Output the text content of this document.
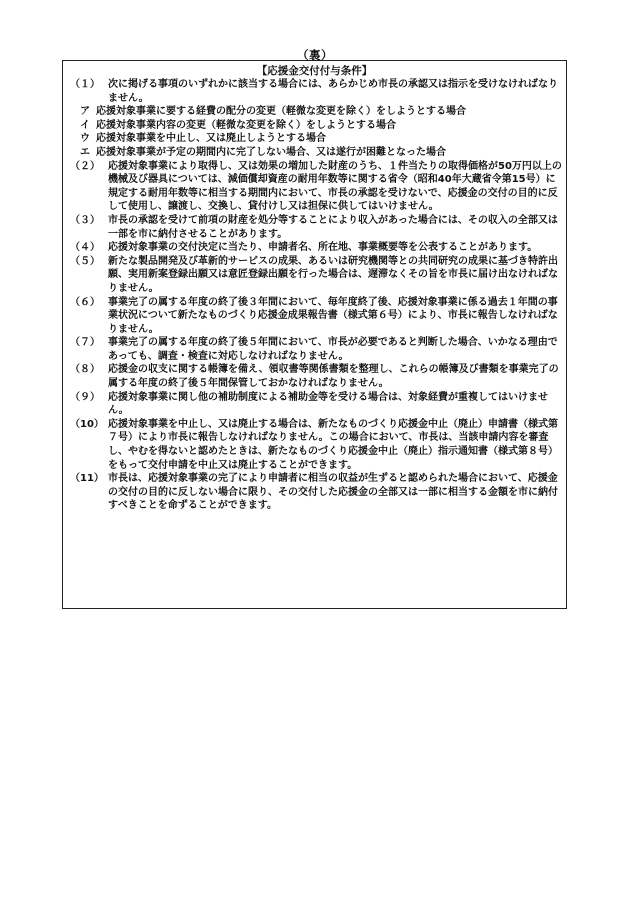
（裏）
【応援金交付付与条件】
（１） 次に掲げる事項のいずれかに該当する場合には、あらかじめ市長の承認又は指示を受けなければなりません。
ア 応援対象事業に要する経費の配分の変更（軽微な変更を除く）をしようとする場合
イ 応援対象事業内容の変更（軽微な変更を除く）をしようとする場合
ウ 応援対象事業を中止し、又は廃止しようとする場合
エ 応援対象事業が予定の期間内に完了しない場合、又は遂行が困難となった場合
（２） 応援対象事業により取得し、又は効果の増加した財産のうち、１件当たりの取得価格が50万円以上の機械及び器具については、減価償却資産の耐用年数等に関する省令（昭和40年大蔵省令第15号）に規定する耐用年数等に相当する期間内において、市長の承認を受けないで、応援金の交付の目的に反して使用し、譲渡し、交換し、貸付けし又は担保に供してはいけません。
（３） 市長の承認を受けて前項の財産を処分等することにより収入があった場合には、その収入の全部又は一部を市に納付させることがあります。
（４） 応援対象事業の交付決定に当たり、申請者名、所在地、事業概要等を公表することがあります。
（５） 新たな製品開発及び革新的サービスの成果、あるいは研究機関等との共同研究の成果に基づき特許出願、実用新案登録出願又は意匠登録出願を行った場合は、遅滞なくその旨を市長に届け出なければなりません。
（６） 事業完了の属する年度の終了後３年間において、毎年度終了後、応援対象事業に係る過去１年間の事業状況について新たなものづくり応援金成果報告書（様式第６号）により、市長に報告しなければなりません。
（７） 事業完了の属する年度の終了後５年間において、市長が必要であると判断した場合、いかなる理由であっても、調査・検査に対応しなければなりません。
（８） 応援金の収支に関する帳簿を備え、領収書等関係書類を整理し、これらの帳簿及び書類を事業完了の属する年度の終了後５年間保管しておかなければなりません。
（９） 応援対象事業に関し他の補助制度による補助金等を受ける場合は、対象経費が重複してはいけません。
（10） 応援対象事業を中止し、又は廃止する場合は、新たなものづくり応援金中止（廃止）申請書（様式第７号）により市長に報告しなければなりません。この場合において、市長は、当該申請内容を審査し、やむを得ないと認めたときは、新たなものづくり応援金中止（廃止）指示通知書（様式第８号）をもって交付申請を中止又は廃止することができます。
（11） 市長は、応援対象事業の完了により申請者に相当の収益が生ずると認められた場合において、応援金の交付の目的に反しない場合に限り、その交付した応援金の全部又は一部に相当する金額を市に納付すべきことを命ずることができます。
